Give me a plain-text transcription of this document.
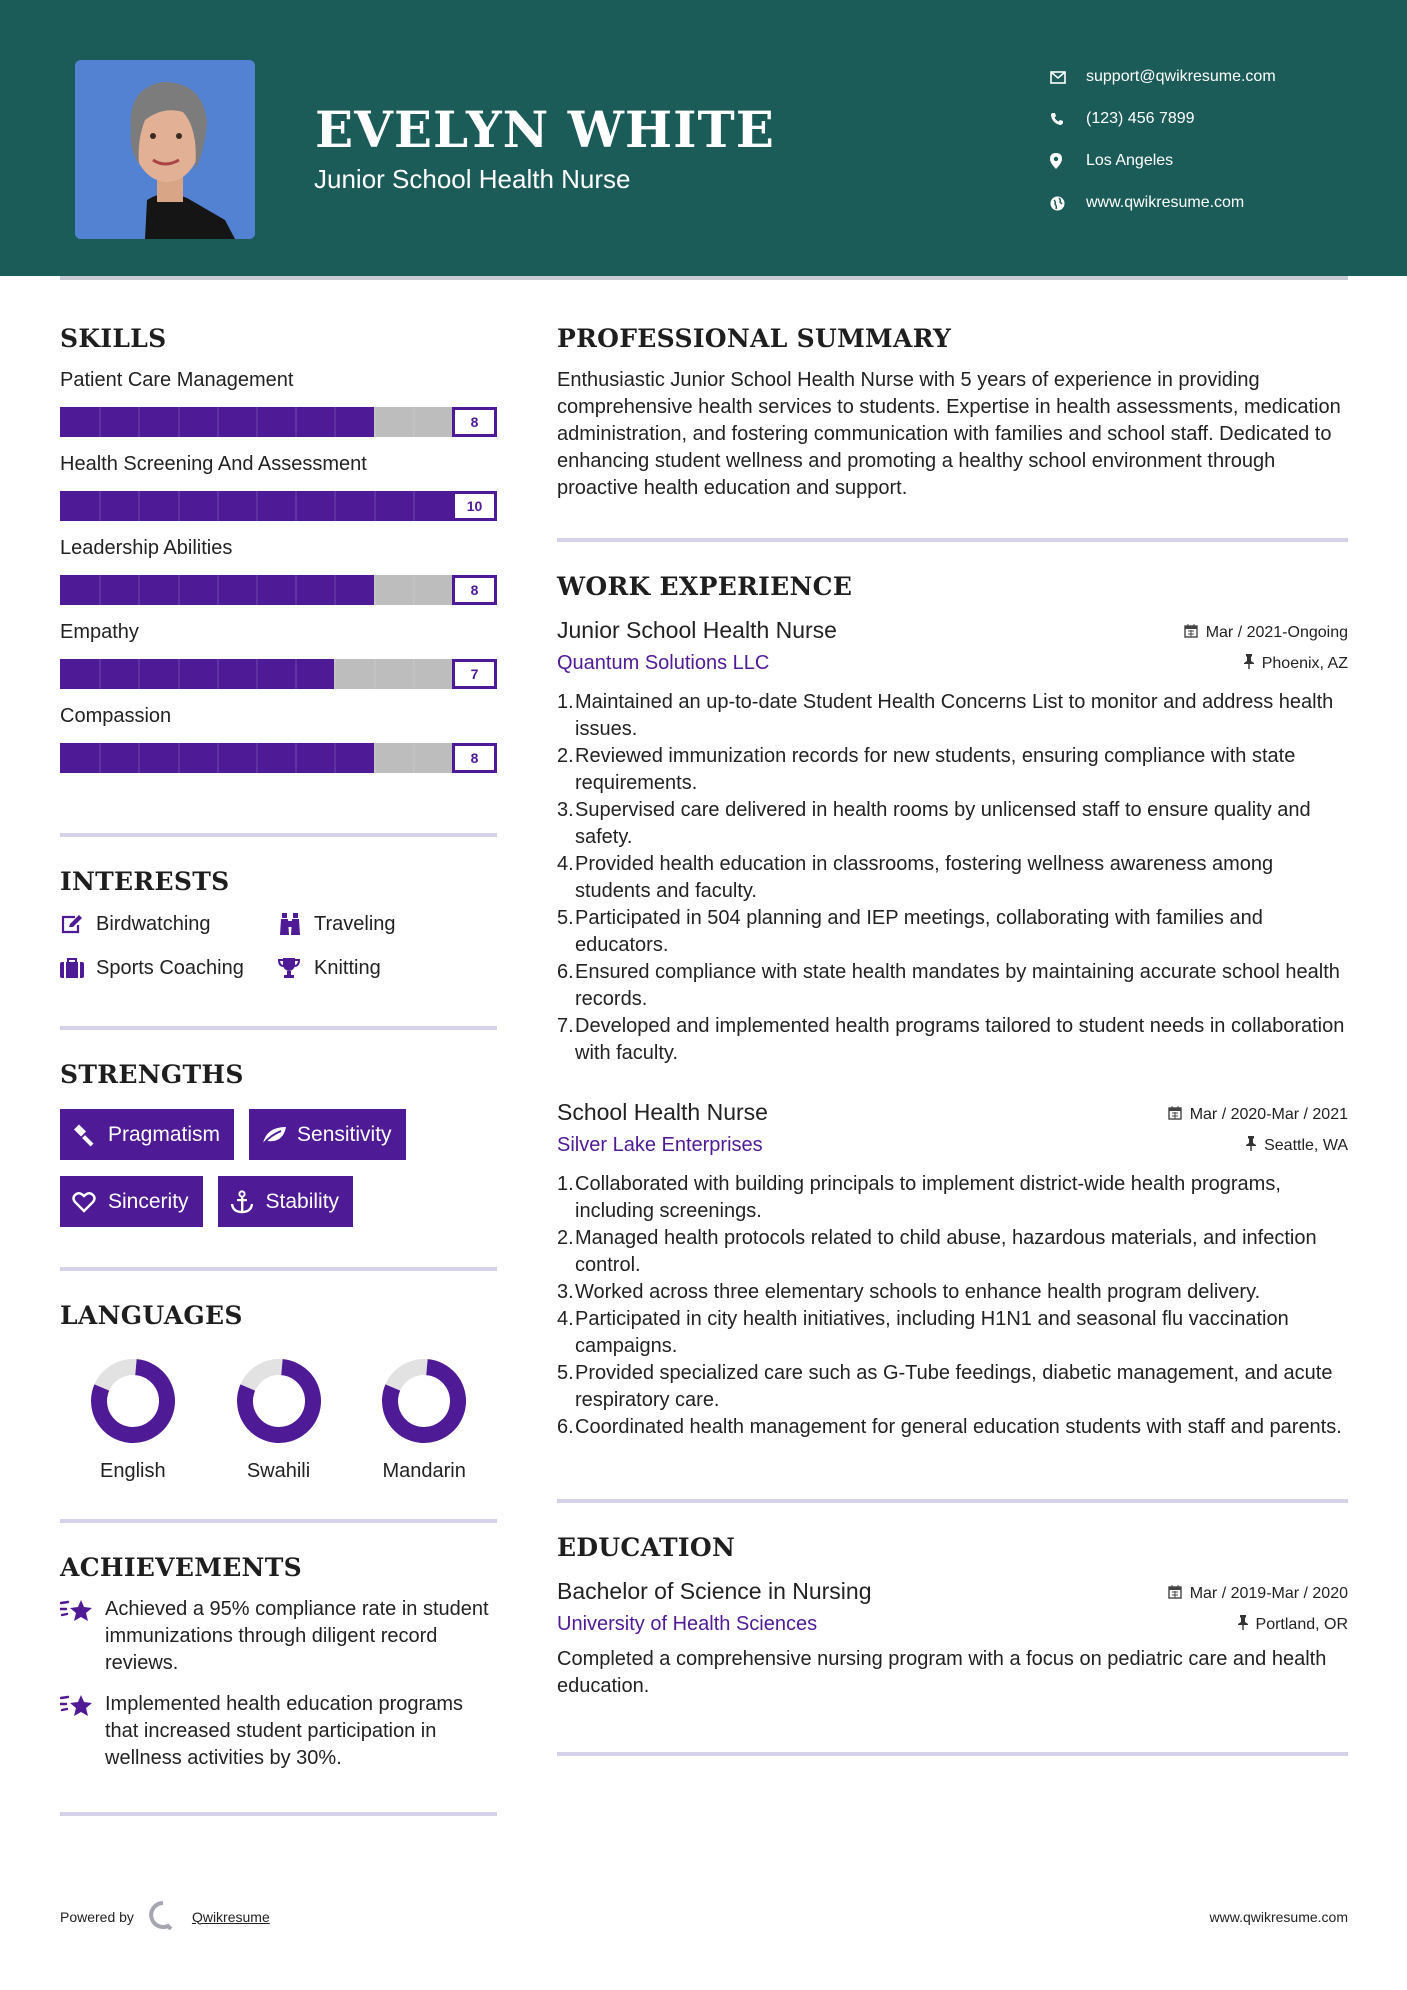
EVELYN WHITE
Junior School Health Nurse
support@qwikresume.com
(123) 456 7899
Los Angeles
www.qwikresume.com
SKILLS
Patient Care Management
8
Health Screening And Assessment
10
Leadership Abilities
8
Empathy
7
Compassion
8
INTERESTS
Birdwatching	Traveling
Sports Coaching	Knitting
STRENGTHS
Pragmatism	Sensitivity
Sincerity	Stability
LANGUAGES
English	Swahili	Mandarin
ACHIEVEMENTS
Achieved a 95% compliance rate in student immunizations through diligent record reviews.
Implemented health education programs that increased student participation in wellness activities by 30%.
PROFESSIONAL SUMMARY

Enthusiastic Junior School Health Nurse with 5 years of experience in providing comprehensive health services to students. Expertise in health assessments, medication administration, and fostering communication with families and school staff. Dedicated to enhancing student wellness and promoting a healthy school environment through proactive health education and support.

WORK EXPERIENCE
Junior School Health Nurse	Mar / 2021-Ongoing
Quantum Solutions LLC	Phoenix, AZ
1. Maintained an up-to-date Student Health Concerns List to monitor and address health issues.
2. Reviewed immunization records for new students, ensuring compliance with state requirements.
3. Supervised care delivered in health rooms by unlicensed staff to ensure quality and safety.
4. Provided health education in classrooms, fostering wellness awareness among students and faculty.
5. Participated in 504 planning and IEP meetings, collaborating with families and educators.
6. Ensured compliance with state health mandates by maintaining accurate school health records.
7. Developed and implemented health programs tailored to student needs in collaboration with faculty.
School Health Nurse	Mar / 2020-Mar / 2021
Silver Lake Enterprises	Seattle, WA
1. Collaborated with building principals to implement district-wide health programs, including screenings.
2. Managed health protocols related to child abuse, hazardous materials, and infection control.
3. Worked across three elementary schools to enhance health program delivery.
4. Participated in city health initiatives, including H1N1 and seasonal flu vaccination campaigns.
5. Provided specialized care such as G-Tube feedings, diabetic management, and acute respiratory care.
6. Coordinated health management for general education students with staff and parents.
EDUCATION
Bachelor of Science in Nursing	Mar / 2019-Mar / 2020
University of Health Sciences	Portland, OR

Completed a comprehensive nursing program with a focus on pediatric care and health education.

Powered by	Qwikresume	www.qwikresume.com
